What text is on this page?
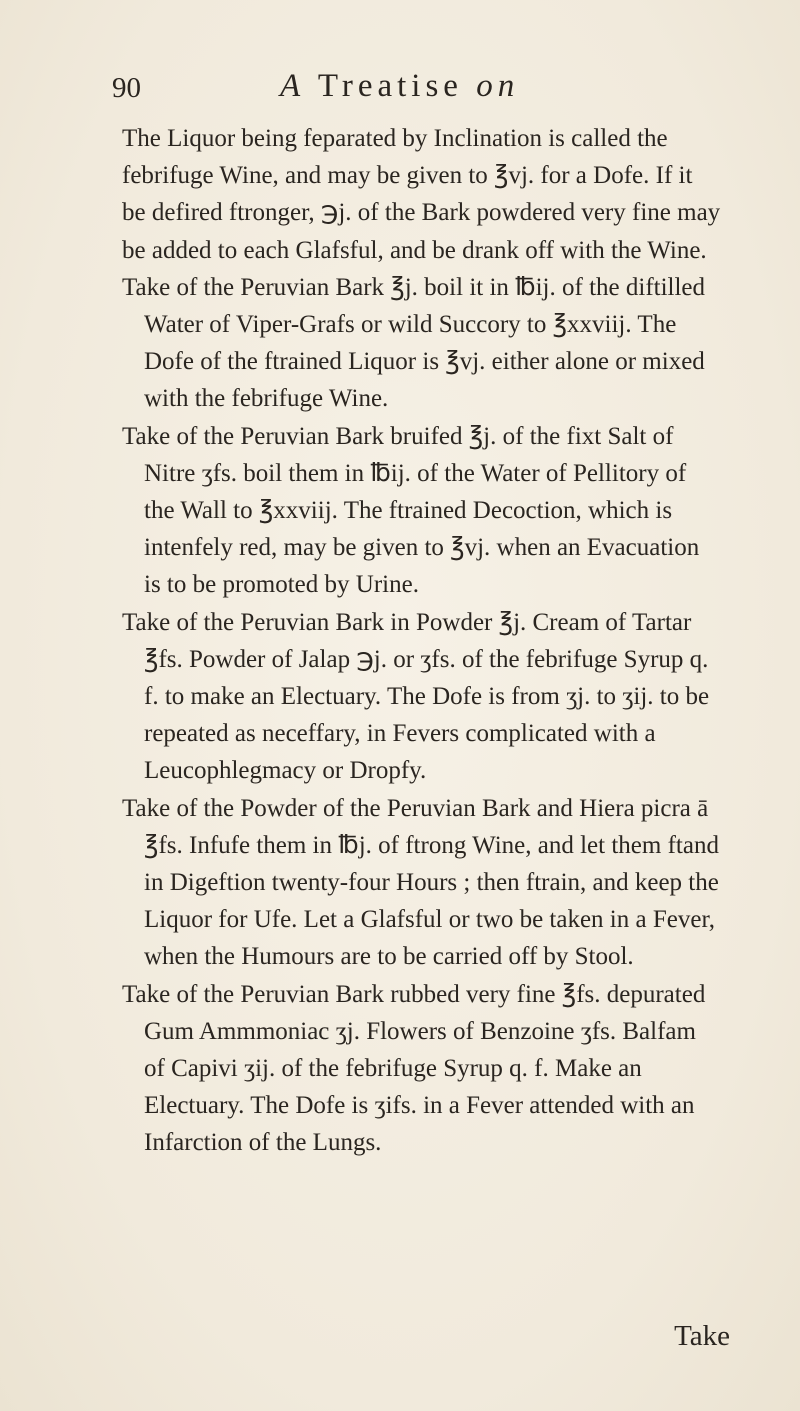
90	A Treatise on

The Liquor being feparated by Inclination is called the febrifuge Wine, and may be given to ℥vj. for a Dofe. If it be defired ftronger, ℈j. of the Bark powdered very fine may be added to each Glafsful, and be drank off with the Wine.

Take of the Peruvian Bark ℥j. boil it in ℔ij. of the diftilled Water of Viper-Grafs or wild Succory to ℥xxviij. The Dofe of the ftrained Liquor is ℥vj. either alone or mixed with the febrifuge Wine.

Take of the Peruvian Bark bruifed ℥j. of the fixt Salt of Nitre ʒfs. boil them in ℔ij. of the Water of Pellitory of the Wall to ℥xxviij. The ftrained Decoction, which is intenfely red, may be given to ℥vj. when an Evacuation is to be promoted by Urine.

Take of the Peruvian Bark in Powder ℥j. Cream of Tartar ℥fs. Powder of Jalap ℈j. or ʒfs. of the febrifuge Syrup q. f. to make an Electuary. The Dofe is from ʒj. to ʒij. to be repeated as neceffary, in Fevers complicated with a Leucophlegmacy or Dropfy.

Take of the Powder of the Peruvian Bark and Hiera picra ā ℥fs. Infufe them in ℔j. of ftrong Wine, and let them ftand in Digeftion twenty-four Hours ; then ftrain, and keep the Liquor for Ufe. Let a Glafsful or two be taken in a Fever, when the Humours are to be carried off by Stool.

Take of the Peruvian Bark rubbed very fine ℥fs. depurated Gum Ammmoniac ʒj. Flowers of Benzoine ʒfs. Balfam of Capivi ʒij. of the febrifuge Syrup q. f. Make an Electuary. The Dofe is ʒifs. in a Fever attended with an Infarction of the Lungs.

Take
